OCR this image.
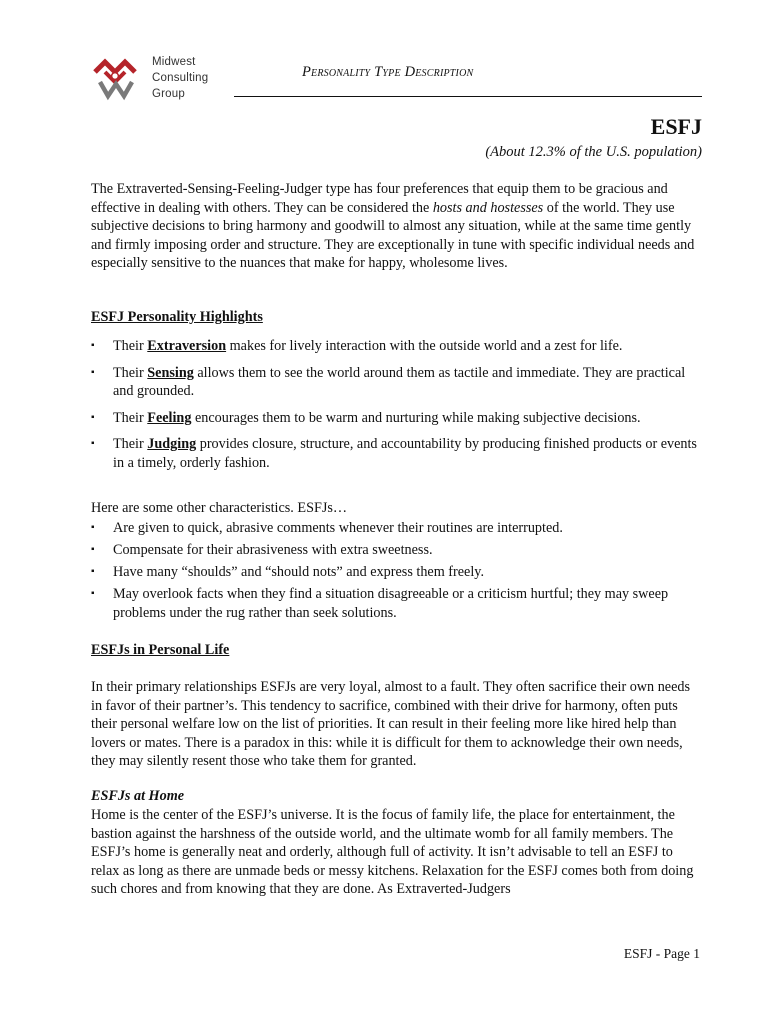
Midwest
Consulting
Group
Personality Type Description
ESFJ
(About 12.3% of the U.S. population)
The Extraverted-Sensing-Feeling-Judger type has four preferences that equip them to be gracious and effective in dealing with others. They can be considered the hosts and hostesses of the world. They use subjective decisions to bring harmony and goodwill to almost any situation, while at the same time gently and firmly imposing order and structure. They are exceptionally in tune with specific individual needs and especially sensitive to the nuances that make for happy, wholesome lives.
ESFJ Personality Highlights
▪ Their Extraversion makes for lively interaction with the outside world and a zest for life.
▪ Their Sensing allows them to see the world around them as tactile and immediate. They are practical and grounded.
▪ Their Feeling encourages them to be warm and nurturing while making subjective decisions.
▪ Their Judging provides closure, structure, and accountability by producing finished products or events in a timely, orderly fashion.
Here are some other characteristics. ESFJs…
▪ Are given to quick, abrasive comments whenever their routines are interrupted.
▪ Compensate for their abrasiveness with extra sweetness.
▪ Have many “shoulds” and “should nots” and express them freely.
▪ May overlook facts when they find a situation disagreeable or a criticism hurtful; they may sweep problems under the rug rather than seek solutions.
ESFJs in Personal Life
In their primary relationships ESFJs are very loyal, almost to a fault. They often sacrifice their own needs in favor of their partner’s. This tendency to sacrifice, combined with their drive for harmony, often puts their personal welfare low on the list of priorities. It can result in their feeling more like hired help than lovers or mates. There is a paradox in this: while it is difficult for them to acknowledge their own needs, they may silently resent those who take them for granted.
ESFJs at Home
Home is the center of the ESFJ’s universe. It is the focus of family life, the place for entertainment, the bastion against the harshness of the outside world, and the ultimate womb for all family members. The ESFJ’s home is generally neat and orderly, although full of activity. It isn’t advisable to tell an ESFJ to relax as long as there are unmade beds or messy kitchens. Relaxation for the ESFJ comes both from doing such chores and from knowing that they are done. As Extraverted-Judgers
ESFJ - Page 1
